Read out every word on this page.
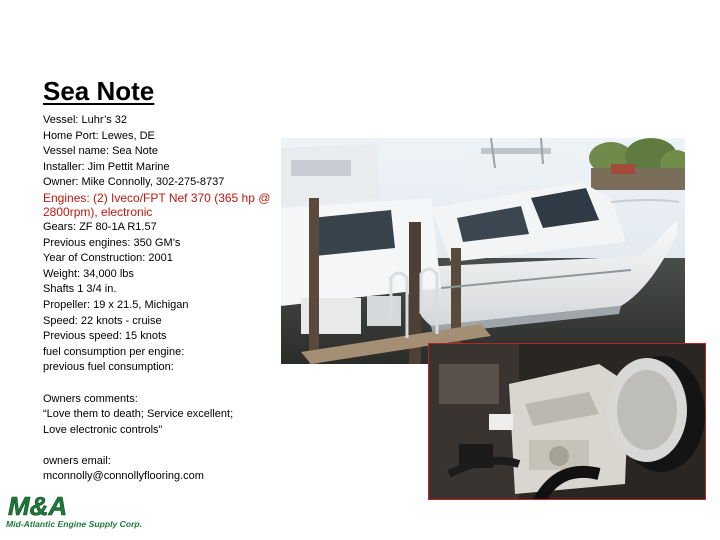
Sea Note
Vessel: Luhr’s 32
Home Port: Lewes, DE
Vessel name: Sea Note
Installer: Jim Pettit Marine
Owner: Mike Connolly, 302-275-8737
Engines: (2) Iveco/FPT Nef 370 (365 hp @ 2800rpm), electronic
Gears: ZF 80-1A R1.57
Previous engines: 350 GM’s
Year of Construction: 2001
Weight: 34,000 lbs
Shafts 1 3/4 in.
Propeller: 19 x 21.5, Michigan
Speed: 22 knots - cruise
Previous speed: 15 knots
fuel consumption per engine:
previous fuel consumption:
Owners comments:
“Love them to death; Service excellent;
Love electronic controls”
owners email:
mconnolly@connollyflooring.com
M&A
Mid-Atlantic Engine Supply Corp.
